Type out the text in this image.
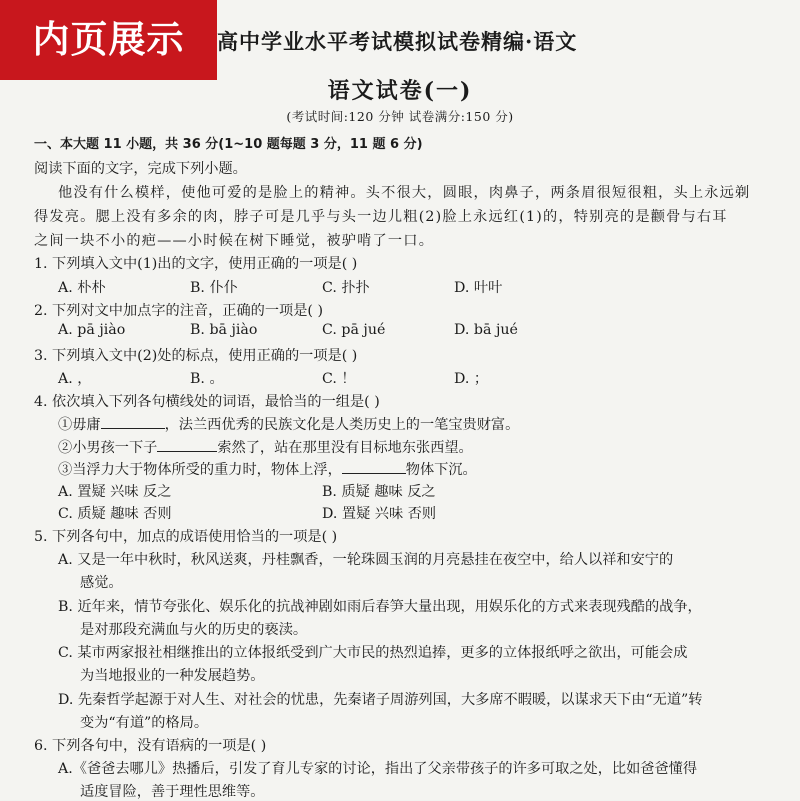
内页展示	高中学业水平考试模拟试卷精编·语文
语文试卷(一)
(考试时间:120 分钟 试卷满分:150 分)
一、本大题 11 小题，共 36 分(1~10 题每题 3 分，11 题 6 分)
阅读下面的文字，完成下列小题。
他没有什么模样，使他可爱的是脸上的精神。头不很大，圆眼，肉鼻子，两条眉很短很粗，头上永远剃
得发亮。腮上没有多余的肉，脖子可是几乎与头一边儿粗(2)脸上永远红(1)的，特别亮的是颧骨与右耳
之间一块不小的疤——小时候在树下睡觉，被驴啃了一口。
1. 下列填入文中(1)出的文字，使用正确的一项是( )
A. 朴朴	B. 仆仆	C. 扑扑	D. 叶叶
2. 下列对文中加点字的注音，正确的一项是( )
A. pā jiào	B. bā jiào	C. pā jué	D. bā jué
3. 下列填入文中(2)处的标点，使用正确的一项是( )
A. ，	B. 。	C. ！	D. ；
4. 依次填入下列各句横线处的词语，最恰当的一组是( )
①毋庸	，法兰西优秀的民族文化是人类历史上的一笔宝贵财富。
②小男孩一下子	索然了，站在那里没有目标地东张西望。
③当浮力大于物体所受的重力时，物体上浮，	物体下沉。
A. 置疑 兴味 反之	B. 质疑 趣味 反之
C. 质疑 趣味 否则	D. 置疑 兴味 否则
5. 下列各句中，加点的成语使用恰当的一项是( )
A. 又是一年中秋时，秋风送爽，丹桂飘香，一轮珠圆玉润的月亮悬挂在夜空中，给人以祥和安宁的
感觉。
B. 近年来，情节夸张化、娱乐化的抗战神剧如雨后春笋大量出现，用娱乐化的方式来表现残酷的战争，
是对那段充满血与火的历史的亵渎。
C. 某市两家报社相继推出的立体报纸受到广大市民的热烈追捧，更多的立体报纸呼之欲出，可能会成
为当地报业的一种发展趋势。
D. 先秦哲学起源于对人生、对社会的忧患，先秦诸子周游列国，大多席不暇暖，以谋求天下由“无道”转
变为“有道”的格局。
6. 下列各句中，没有语病的一项是( )
A.《爸爸去哪儿》热播后，引发了育儿专家的讨论，指出了父亲带孩子的许多可取之处，比如爸爸懂得
适度冒险，善于理性思维等。
